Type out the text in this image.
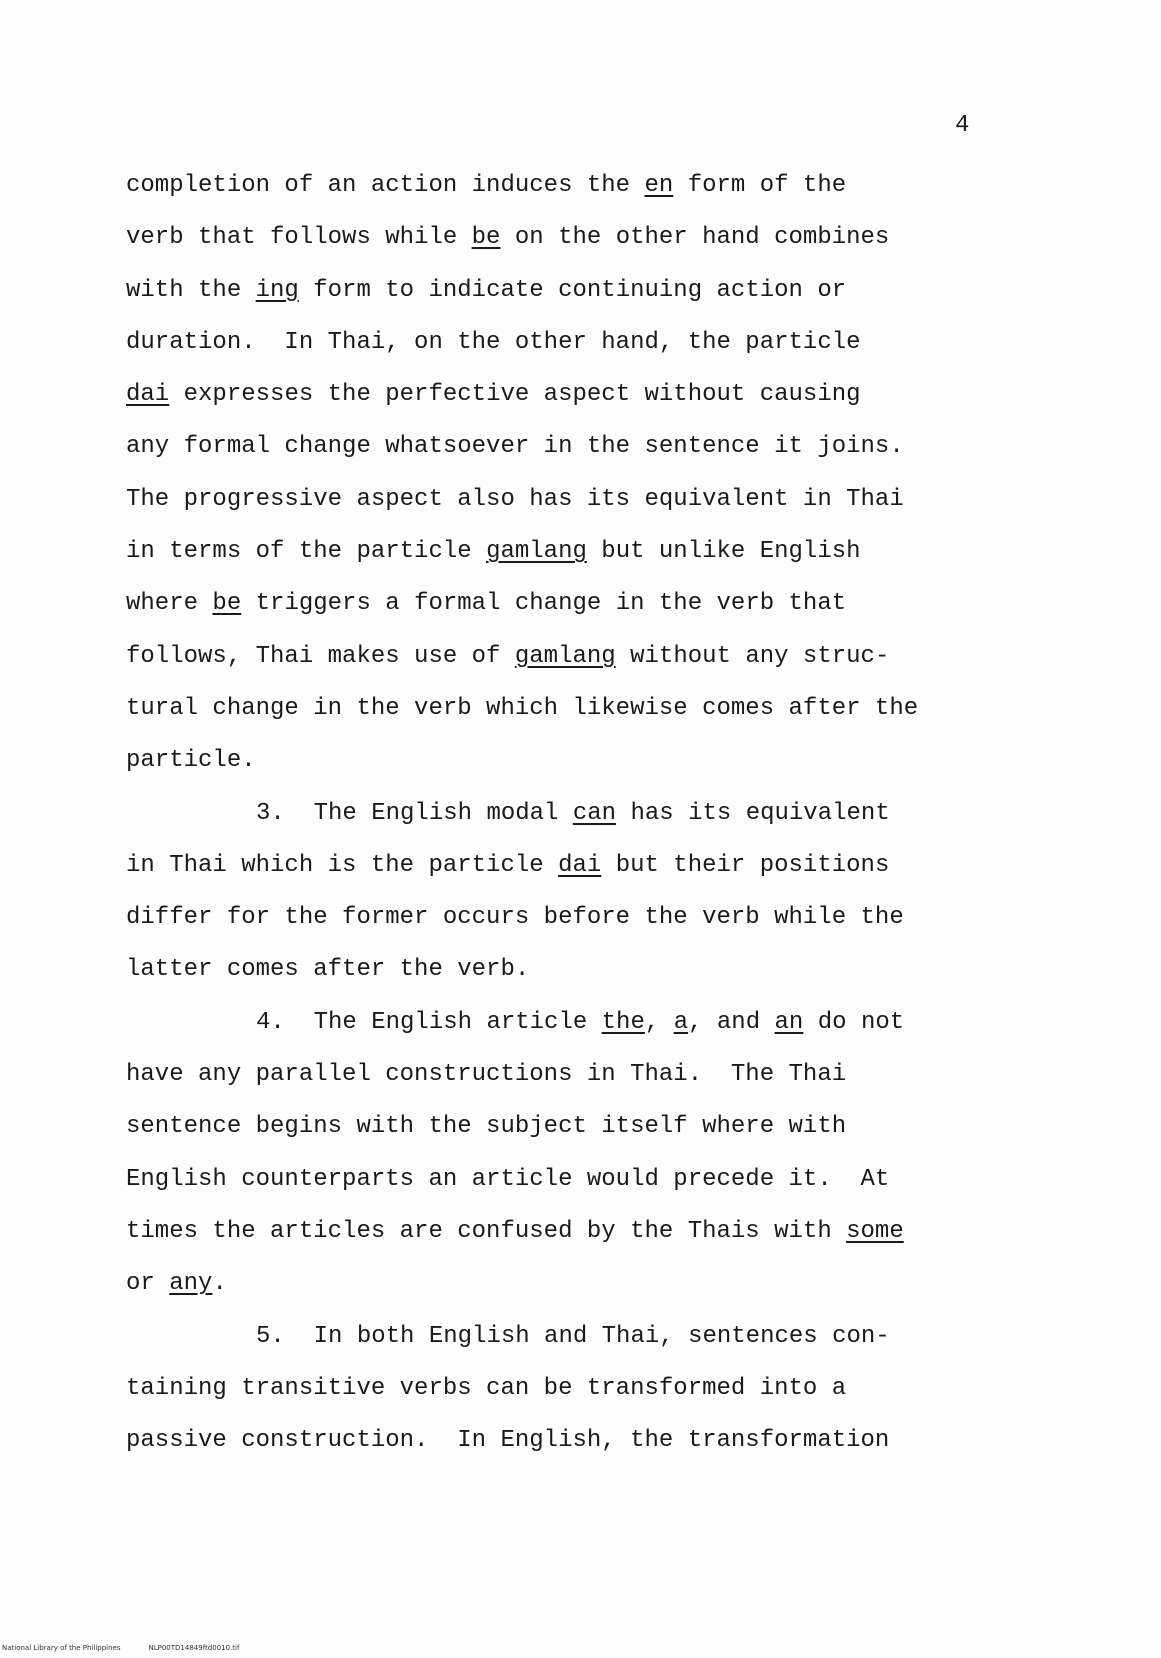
4
completion of an action induces the en form of the
verb that follows while be on the other hand combines
with the ing form to indicate continuing action or
duration.  In Thai, on the other hand, the particle
dai expresses the perfective aspect without causing
any formal change whatsoever in the sentence it joins.
The progressive aspect also has its equivalent in Thai
in terms of the particle gamlang but unlike English
where be triggers a formal change in the verb that
follows, Thai makes use of gamlang without any struc-
tural change in the verb which likewise comes after the
particle.
3.  The English modal can has its equivalent
in Thai which is the particle dai but their positions
differ for the former occurs before the verb while the
latter comes after the verb.
4.  The English article the, a, and an do not
have any parallel constructions in Thai.  The Thai
sentence begins with the subject itself where with
English counterparts an article would precede it.  At
times the articles are confused by the Thais with some
or any.
5.  In both English and Thai, sentences con-
taining transitive verbs can be transformed into a
passive construction.  In English, the transformation
National Library of the Philippines	NLP00TD14849ftd0010.tif
